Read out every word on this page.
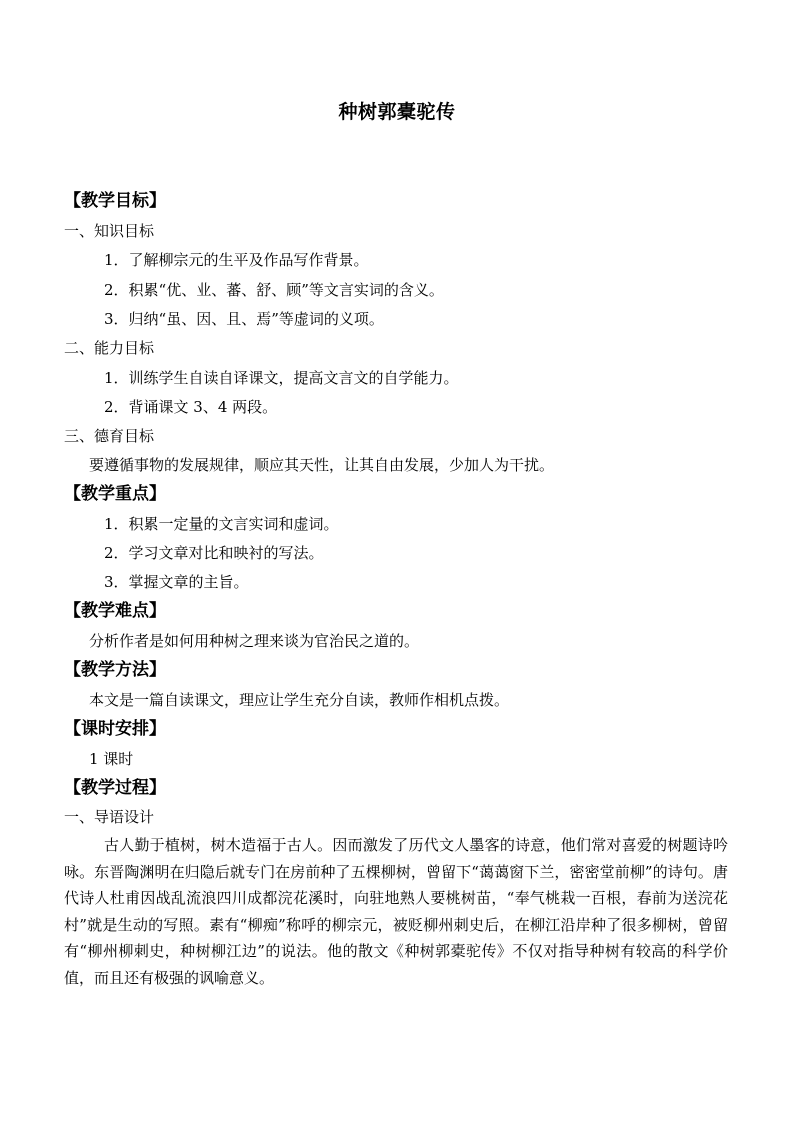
种树郭橐驼传
【教学目标】
一、知识目标
1．了解柳宗元的生平及作品写作背景。
2．积累“优、业、蕃、舒、顾”等文言实词的含义。
3．归纳“虽、因、且、焉”等虚词的义项。
二、能力目标
1．训练学生自读自译课文，提高文言文的自学能力。
2．背诵课文 3、4 两段。
三、德育目标
要遵循事物的发展规律，顺应其天性，让其自由发展，少加人为干扰。
【教学重点】
1．积累一定量的文言实词和虚词。
2．学习文章对比和映衬的写法。
3．掌握文章的主旨。
【教学难点】
分析作者是如何用种树之理来谈为官治民之道的。
【教学方法】
本文是一篇自读课文，理应让学生充分自读，教师作相机点拨。
【课时安排】
1 课时
【教学过程】
一、导语设计
古人勤于植树，树木造福于古人。因而激发了历代文人墨客的诗意，他们常对喜爱的树题诗吟咏。东晋陶渊明在归隐后就专门在房前种了五棵柳树，曾留下“蔼蔼窗下兰，密密堂前柳”的诗句。唐代诗人杜甫因战乱流浪四川成都浣花溪时，向驻地熟人要桃树苗，“奉气桃栽一百根，春前为送浣花村”就是生动的写照。素有“柳痴”称呼的柳宗元，被贬柳州刺史后，在柳江沿岸种了很多柳树，曾留有“柳州柳刺史，种树柳江边”的说法。他的散文《种树郭橐驼传》不仅对指导种树有较高的科学价值，而且还有极强的讽喻意义。
